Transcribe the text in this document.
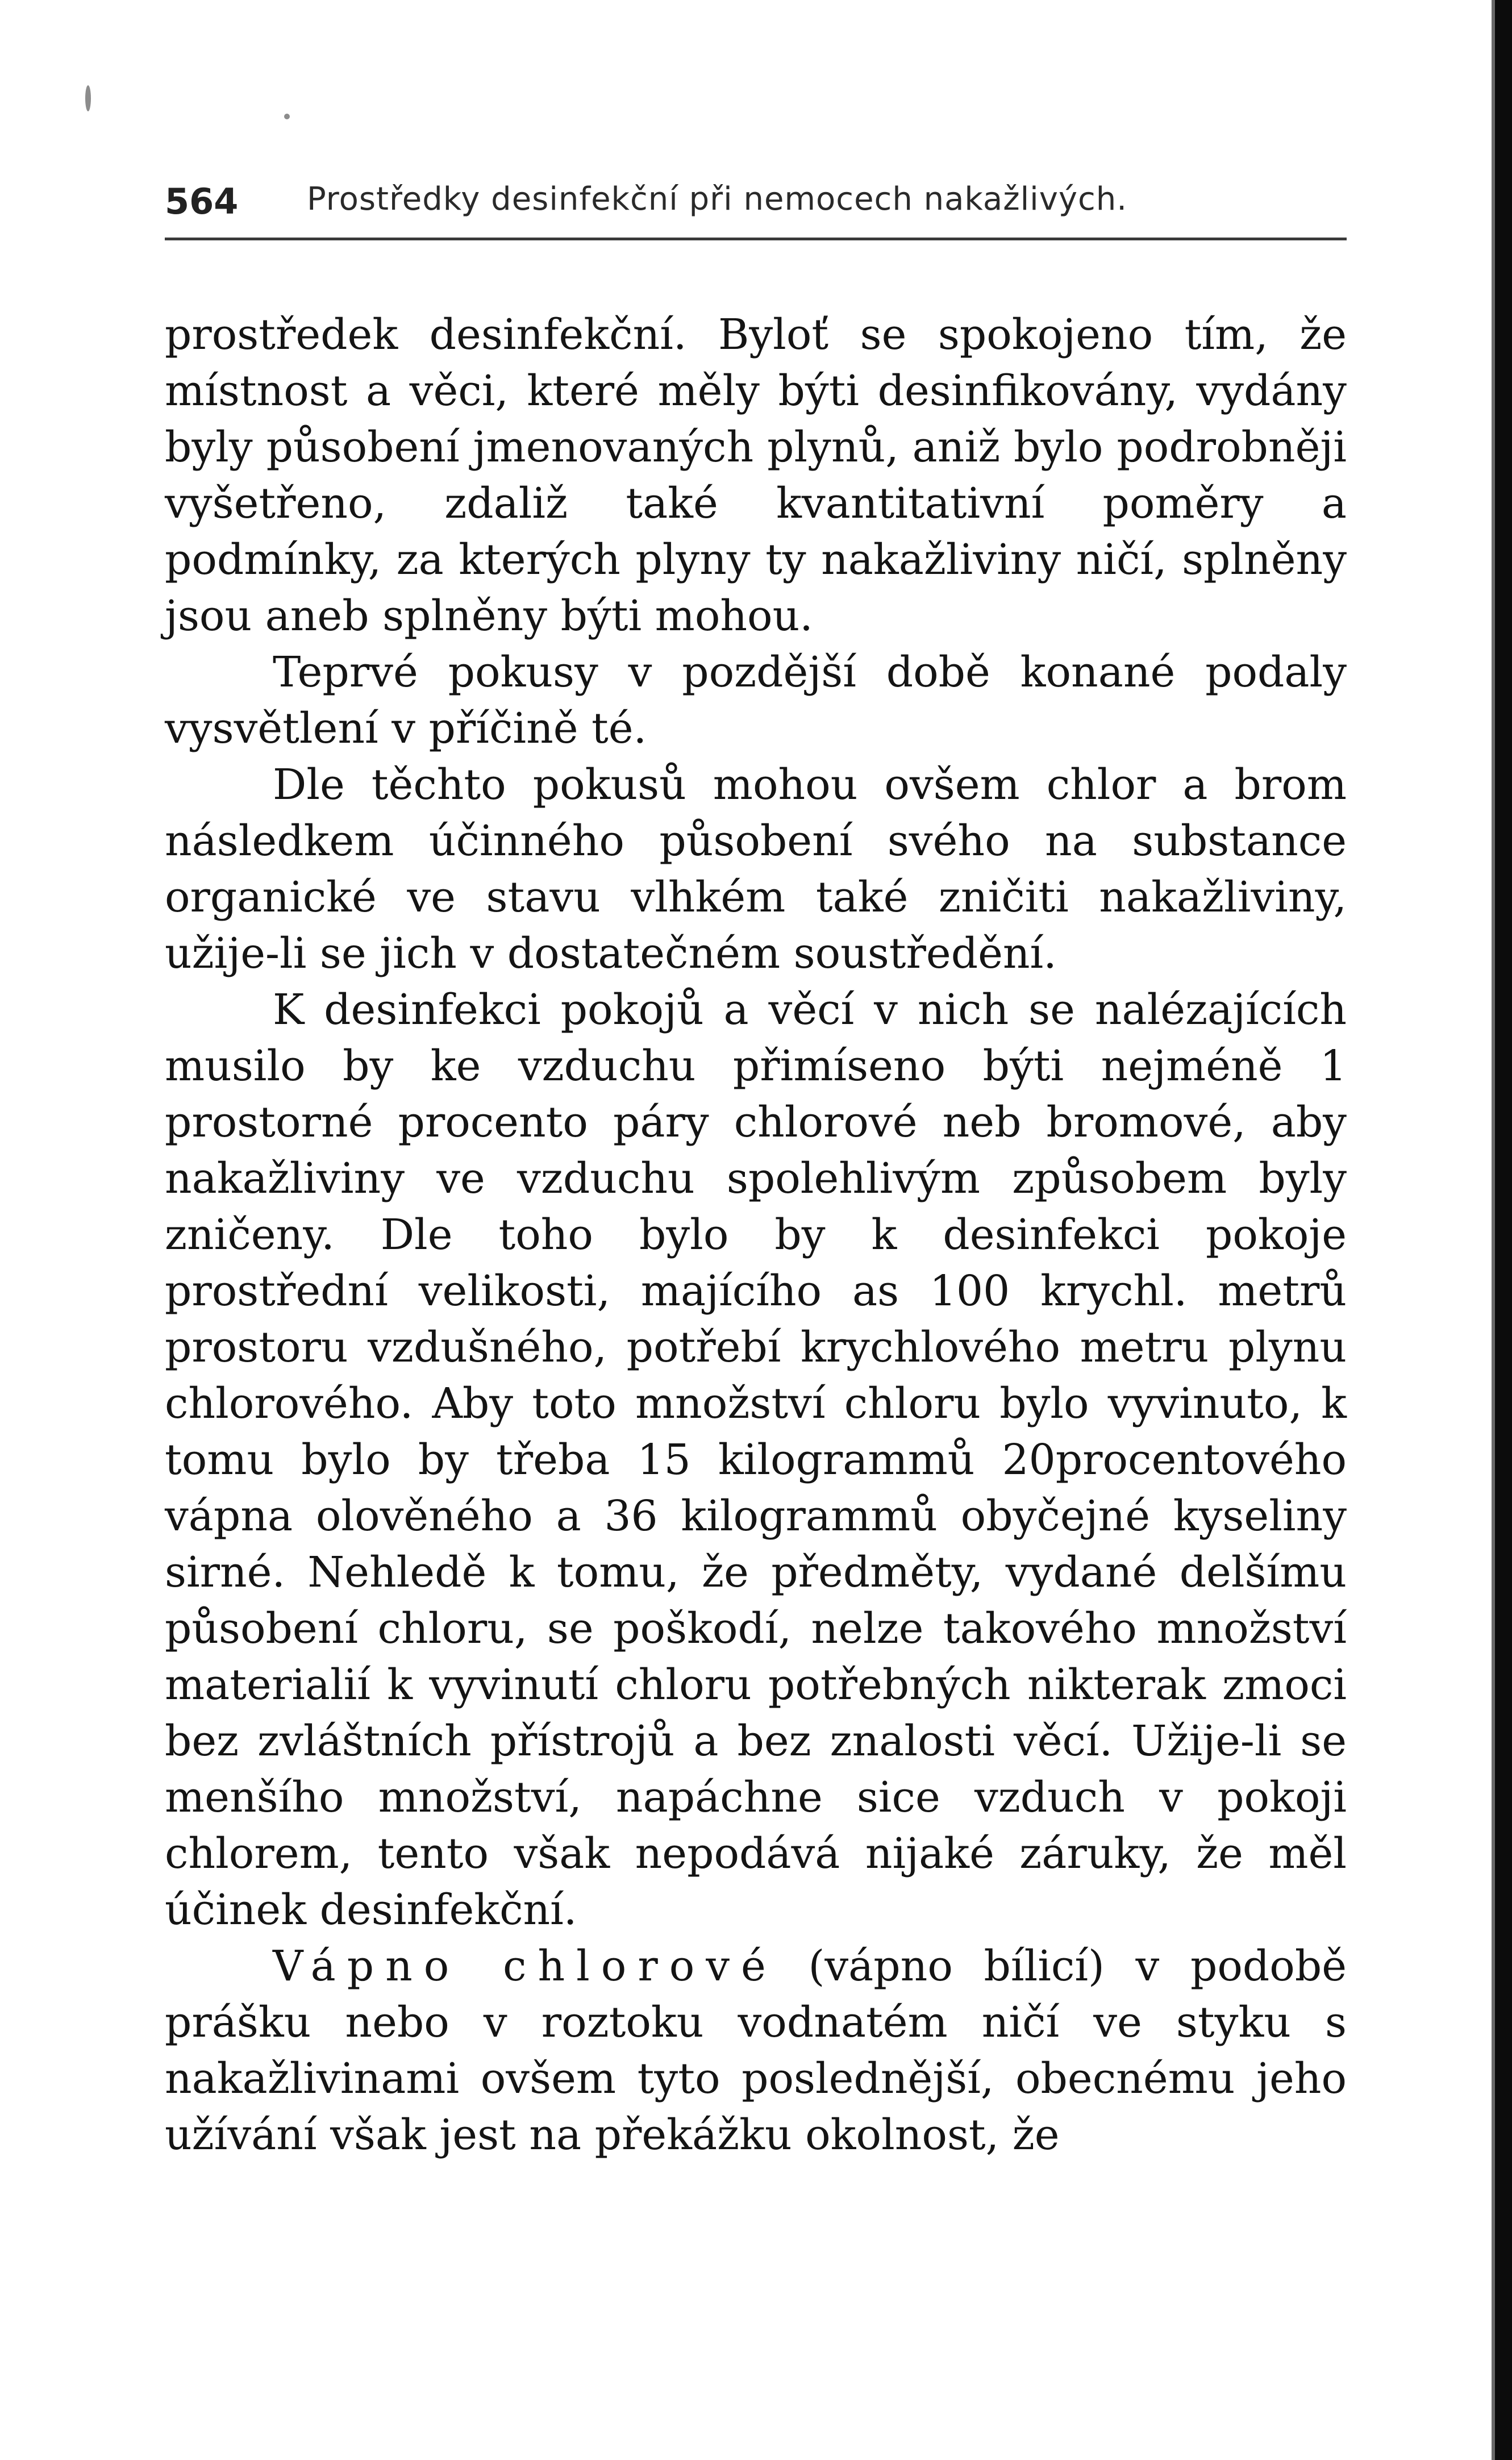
564 Prostředky desinfekční při nemocech nakažlivých.

prostředek desinfekční. Byloť se spokojeno tím, že místnost a věci, které měly býti desinfikovány, vydány byly působení jmenovaných plynů, aniž bylo podrobněji vyšetřeno, zdaliž také kvantitativní poměry a podmínky, za kterých plyny ty nakažliviny ničí, splněny jsou aneb splněny býti mohou.

Teprvé pokusy v pozdější době konané podaly vysvětlení v příčině té.

Dle těchto pokusů mohou ovšem chlor a brom následkem účinného působení svého na substance organické ve stavu vlhkém také zničiti nakažliviny, užije-li se jich v dostatečném soustředění.

K desinfekci pokojů a věcí v nich se nalézajících musilo by ke vzduchu přimíseno býti nejméně 1 prostorné procento páry chlorové neb bromové, aby nakažliviny ve vzduchu spolehlivým způsobem byly zničeny. Dle toho bylo by k desinfekci pokoje prostřední velikosti, majícího as 100 krychl. metrů prostoru vzdušného, potřebí krychlového metru plynu chlorového. Aby toto množství chloru bylo vyvinuto, k tomu bylo by třeba 15 kilogrammů 20procentového vápna olověného a 36 kilogrammů obyčejné kyseliny sirné. Nehledě k tomu, že předměty, vydané delšímu působení chloru, se poškodí, nelze takového množství materialií k vyvinutí chloru potřebných nikterak zmoci bez zvláštních přístrojů a bez znalosti věcí. Užije-li se menšího množství, napáchne sice vzduch v pokoji chlorem, tento však nepodává nijaké záruky, že měl účinek desinfekční.

Vápno chlorové (vápno bílicí) v podobě prášku nebo v roztoku vodnatém ničí ve styku s nakažlivinami ovšem tyto posledněјší, obecnému jeho užívání však jest na překážku okolnost, že
